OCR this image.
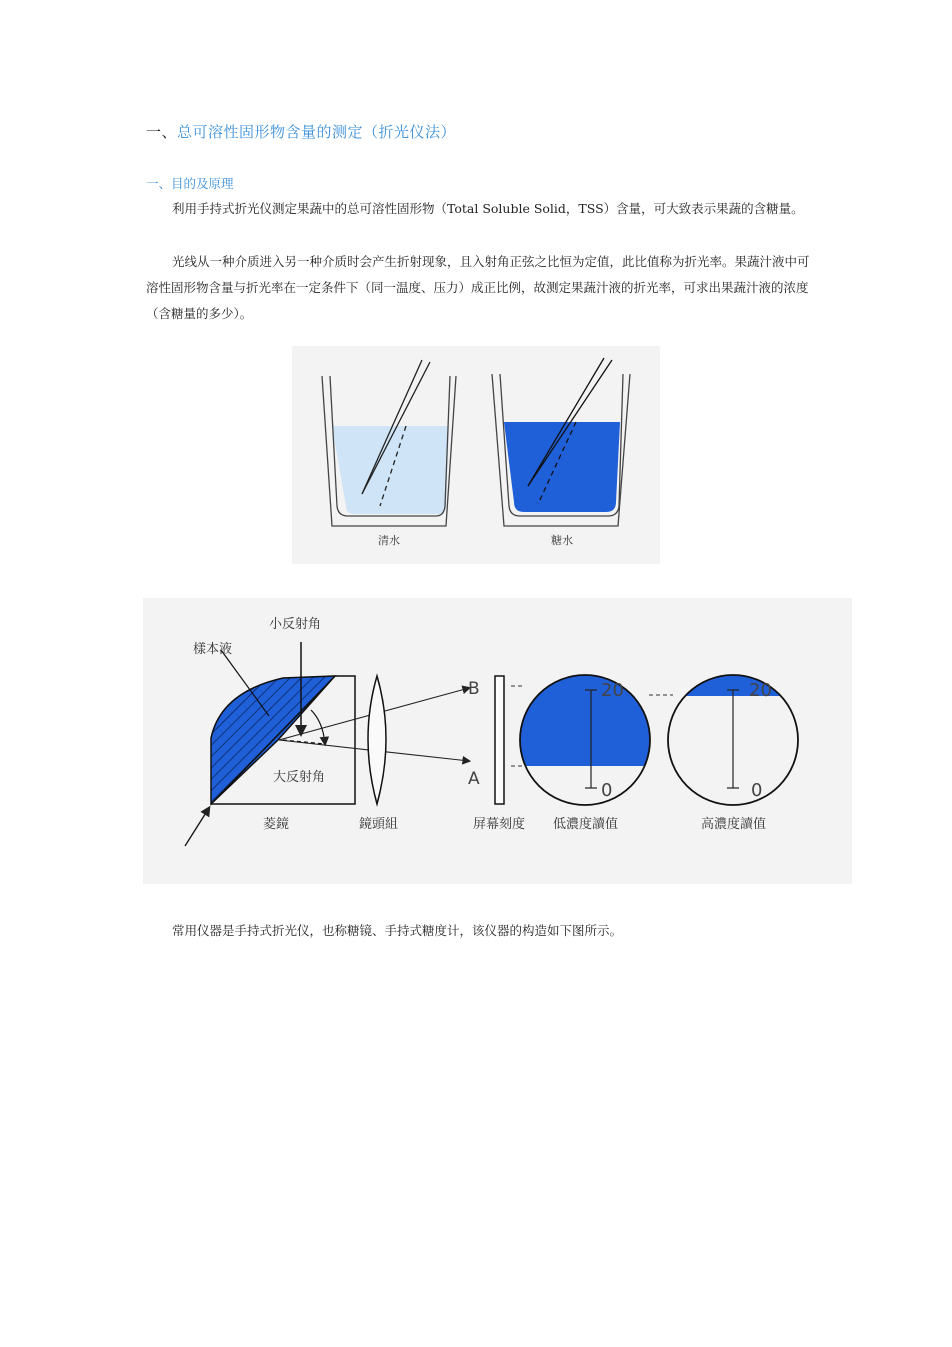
一、总可溶性固形物含量的测定（折光仪法）
一、目的及原理

利用手持式折光仪测定果蔬中的总可溶性固形物（Total Soluble Solid，TSS）含量，可大致表示果蔬的含糖量。

光线从一种介质进入另一种介质时会产生折射现象，且入射角正弦之比恒为定值，此比值称为折光率。果蔬汁液中可溶性固形物含量与折光率在一定条件下（同一温度、压力）成正比例，故测定果蔬汁液的折光率，可求出果蔬汁液的浓度（含糖量的多少）。

清水	糖水
小反射角
樣本液
大反射角
菱鏡	鏡頭組
B
A
屏幕刻度
20
0
低濃度讀值
20
0
高濃度讀值

常用仪器是手持式折光仪，也称糖镜、手持式糖度计，该仪器的构造如下图所示。
